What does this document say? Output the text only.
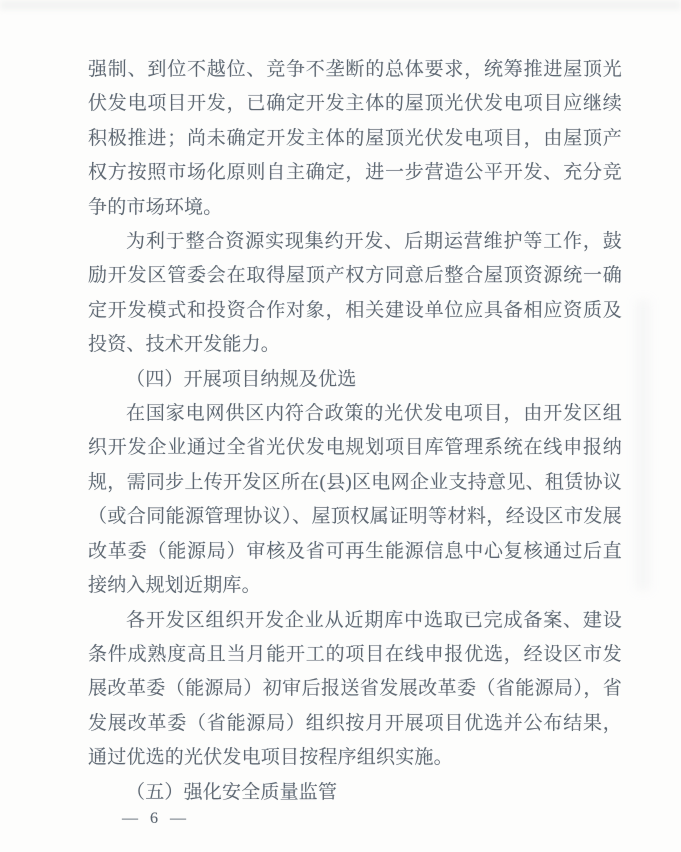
强制、到位不越位、竞争不垄断的总体要求，统筹推进屋顶光伏发电项目开发，已确定开发主体的屋顶光伏发电项目应继续积极推进；尚未确定开发主体的屋顶光伏发电项目，由屋顶产权方按照市场化原则自主确定，进一步营造公平开发、充分竞争的市场环境。

为利于整合资源实现集约开发、后期运营维护等工作，鼓励开发区管委会在取得屋顶产权方同意后整合屋顶资源统一确定开发模式和投资合作对象，相关建设单位应具备相应资质及投资、技术开发能力。

（四）开展项目纳规及优选

在国家电网供区内符合政策的光伏发电项目，由开发区组织开发企业通过全省光伏发电规划项目库管理系统在线申报纳规，需同步上传开发区所在(县)区电网企业支持意见、租赁协议（或合同能源管理协议）、屋顶权属证明等材料，经设区市发展改革委（能源局）审核及省可再生能源信息中心复核通过后直接纳入规划近期库。

各开发区组织开发企业从近期库中选取已完成备案、建设条件成熟度高且当月能开工的项目在线申报优选，经设区市发展改革委（能源局）初审后报送省发展改革委（省能源局），省发展改革委（省能源局）组织按月开展项目优选并公布结果，通过优选的光伏发电项目按程序组织实施。

（五）强化安全质量监管

— 6 —
